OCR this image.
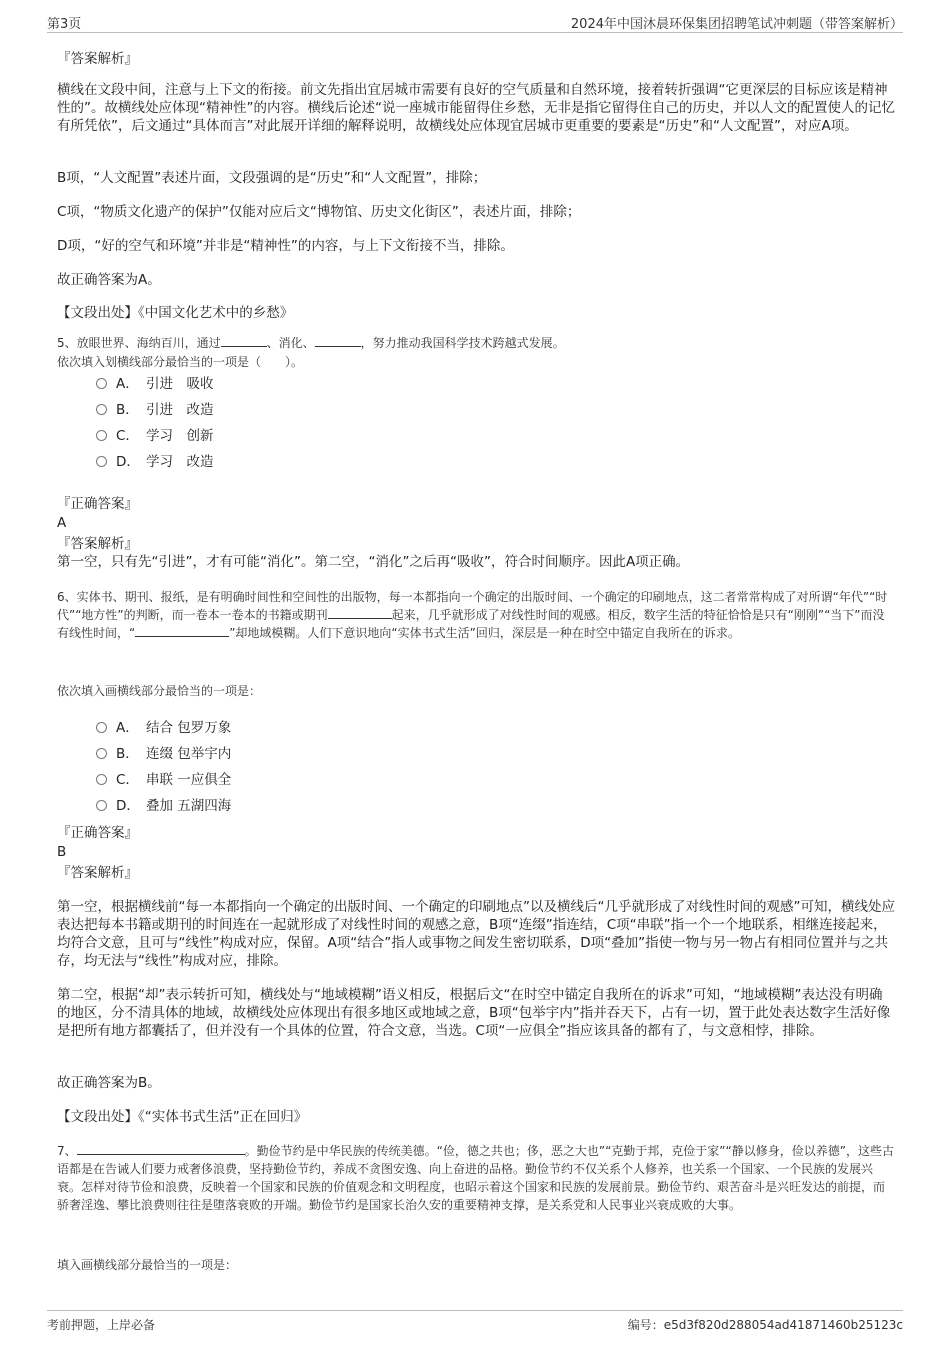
第3页	2024年中国沐晨环保集团招聘笔试冲刺题（带答案解析）

『答案解析』

横线在文段中间，注意与上下文的衔接。前文先指出宜居城市需要有良好的空气质量和自然环境，接着转折强调“它更深层的目标应该是精神性的”。故横线处应体现“精神性”的内容。横线后论述“说一座城市能留得住乡愁，无非是指它留得住自己的历史，并以人文的配置使人的记忆有所凭依”，后文通过“具体而言”对此展开详细的解释说明，故横线处应体现宜居城市更重要的要素是“历史”和“人文配置”，对应A项。

B项，“人文配置”表述片面，文段强调的是“历史”和“人文配置”，排除；

C项，“物质文化遗产的保护”仅能对应后文“博物馆、历史文化街区”，表述片面，排除；

D项，“好的空气和环境”并非是“精神性”的内容，与上下文衔接不当，排除。

故正确答案为A。

【文段出处】《中国文化艺术中的乡愁》

5、放眼世界、海纳百川，通过	、消化、	，努力推动我国科学技术跨越式发展。

依次填入划横线部分最恰当的一项是（　　）。

A． 引进　吸收
B． 引进　改造
C． 学习　创新
D． 学习　改造

『正确答案』

A

『答案解析』

第一空，只有先“引进”，才有可能“消化”。第二空，“消化”之后再“吸收”，符合时间顺序。因此A项正确。

6、实体书、期刊、报纸，是有明确时间性和空间性的出版物，每一本都指向一个确定的出版时间、一个确定的印刷地点，这二者常常构成了对所谓“年代”“时代”“地方性”的判断，而一卷本一卷本的书籍或期刊	起来，几乎就形成了对线性时间的观感。相反，数字生活的特征恰恰是只有“刚刚”“当下”而没有线性时间，“	”却地域模糊。人们下意识地向“实体书式生活”回归，深层是一种在时空中锚定自我所在的诉求。

依次填入画横线部分最恰当的一项是：

A． 结合 包罗万象
B． 连缀 包举宇内
C． 串联 一应俱全
D． 叠加 五湖四海

『正确答案』

B

『答案解析』

第一空，根据横线前“每一本都指向一个确定的出版时间、一个确定的印刷地点”以及横线后“几乎就形成了对线性时间的观感”可知，横线处应表达把每本书籍或期刊的时间连在一起就形成了对线性时间的观感之意，B项“连缀”指连结，C项“串联”指一个一个地联系，相继连接起来，均符合文意，且可与“线性”构成对应，保留。A项“结合”指人或事物之间发生密切联系，D项“叠加”指使一物与另一物占有相同位置并与之共存，均无法与“线性”构成对应，排除。

第二空，根据“却”表示转折可知，横线处与“地域模糊”语义相反，根据后文“在时空中锚定自我所在的诉求”可知，“地域模糊”表达没有明确的地区，分不清具体的地域，故横线处应体现出有很多地区或地域之意，B项“包举宇内”指并吞天下，占有一切，置于此处表达数字生活好像是把所有地方都囊括了，但并没有一个具体的位置，符合文意，当选。C项“一应俱全”指应该具备的都有了，与文意相悖，排除。

故正确答案为B。

【文段出处】《“实体书式生活”正在回归》

7、	。勤俭节约是中华民族的传统美德。“俭，德之共也；侈，恶之大也”“克勤于邦，克俭于家”“静以修身，俭以养德”，这些古语都是在告诫人们要力戒奢侈浪费，坚持勤俭节约，养成不贪图安逸、向上奋进的品格。勤俭节约不仅关系个人修养，也关系一个国家、一个民族的发展兴衰。怎样对待节俭和浪费，反映着一个国家和民族的价值观念和文明程度，也昭示着这个国家和民族的发展前景。勤俭节约、艰苦奋斗是兴旺发达的前提，而骄奢淫逸、攀比浪费则往往是堕落衰败的开端。勤俭节约是国家长治久安的重要精神支撑，是关系党和人民事业兴衰成败的大事。

填入画横线部分最恰当的一项是：

考前押题，上岸必备	编号：e5d3f820d288054ad41871460b25123c
